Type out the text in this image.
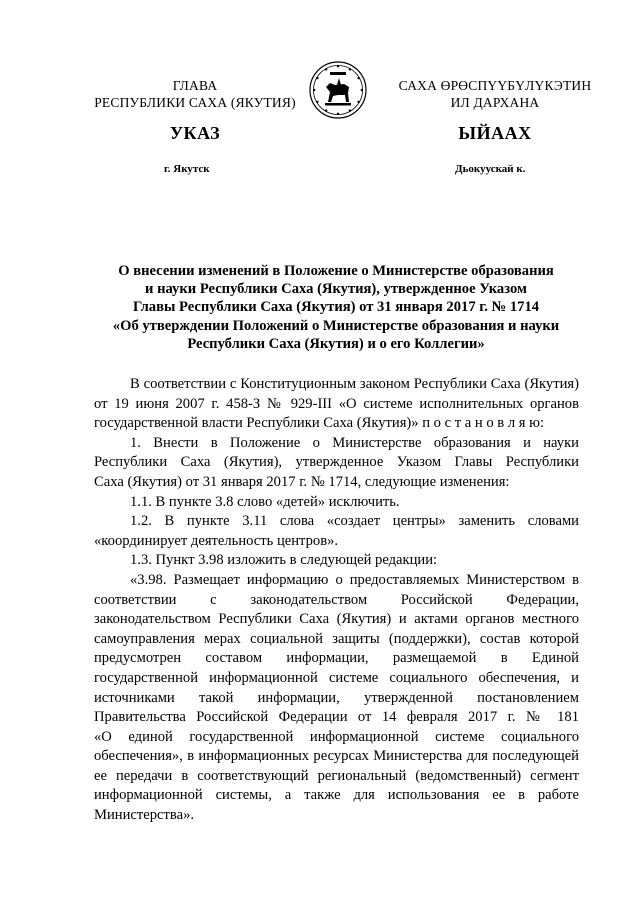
ГЛАВА
РЕСПУБЛИКИ САХА (ЯКУТИЯ)
САХА ӨРӨСПҮҮБҮЛҮКЭТИН
ИЛ ДАРХАНА
УКАЗ	ЫЙААХ
г. Якутск	Дьокуускай к.
О внесении изменений в Положение о Министерстве образования
и науки Республики Саха (Якутия), утвержденное Указом
Главы Республики Саха (Якутия) от 31 января 2017 г. № 1714
«Об утверждении Положений о Министерстве образования и науки
Республики Саха (Якутия) и о его Коллегии»

В соответствии с Конституционным законом Республики Саха (Якутия)

от 19 июня 2007 г. 458-З № 929-III «О системе исполнительных органов

государственной власти Республики Саха (Якутия)» п о с т а н о в л я ю:

1. Внести в Положение о Министерстве образования и науки

Республики Саха (Якутия), утвержденное Указом Главы Республики

Саха (Якутия) от 31 января 2017 г. № 1714, следующие изменения:

1.1. В пункте 3.8 слово «детей» исключить.

1.2. В пункте 3.11 слова «создает центры» заменить словами

«координирует деятельность центров».

1.3. Пункт 3.98 изложить в следующей редакции:

«3.98. Размещает информацию о предоставляемых Министерством в

соответствии с законодательством Российской Федерации,

законодательством Республики Саха (Якутия) и актами органов местного

самоуправления мерах социальной защиты (поддержки), состав которой

предусмотрен составом информации, размещаемой в Единой

государственной информационной системе социального обеспечения, и

источниками такой информации, утвержденной постановлением

Правительства Российской Федерации от 14 февраля 2017 г. № 181

«О единой государственной информационной системе социального

обеспечения», в информационных ресурсах Министерства для последующей

ее передачи в соответствующий региональный (ведомственный) сегмент

информационной системы, а также для использования ее в работе

Министерства».
